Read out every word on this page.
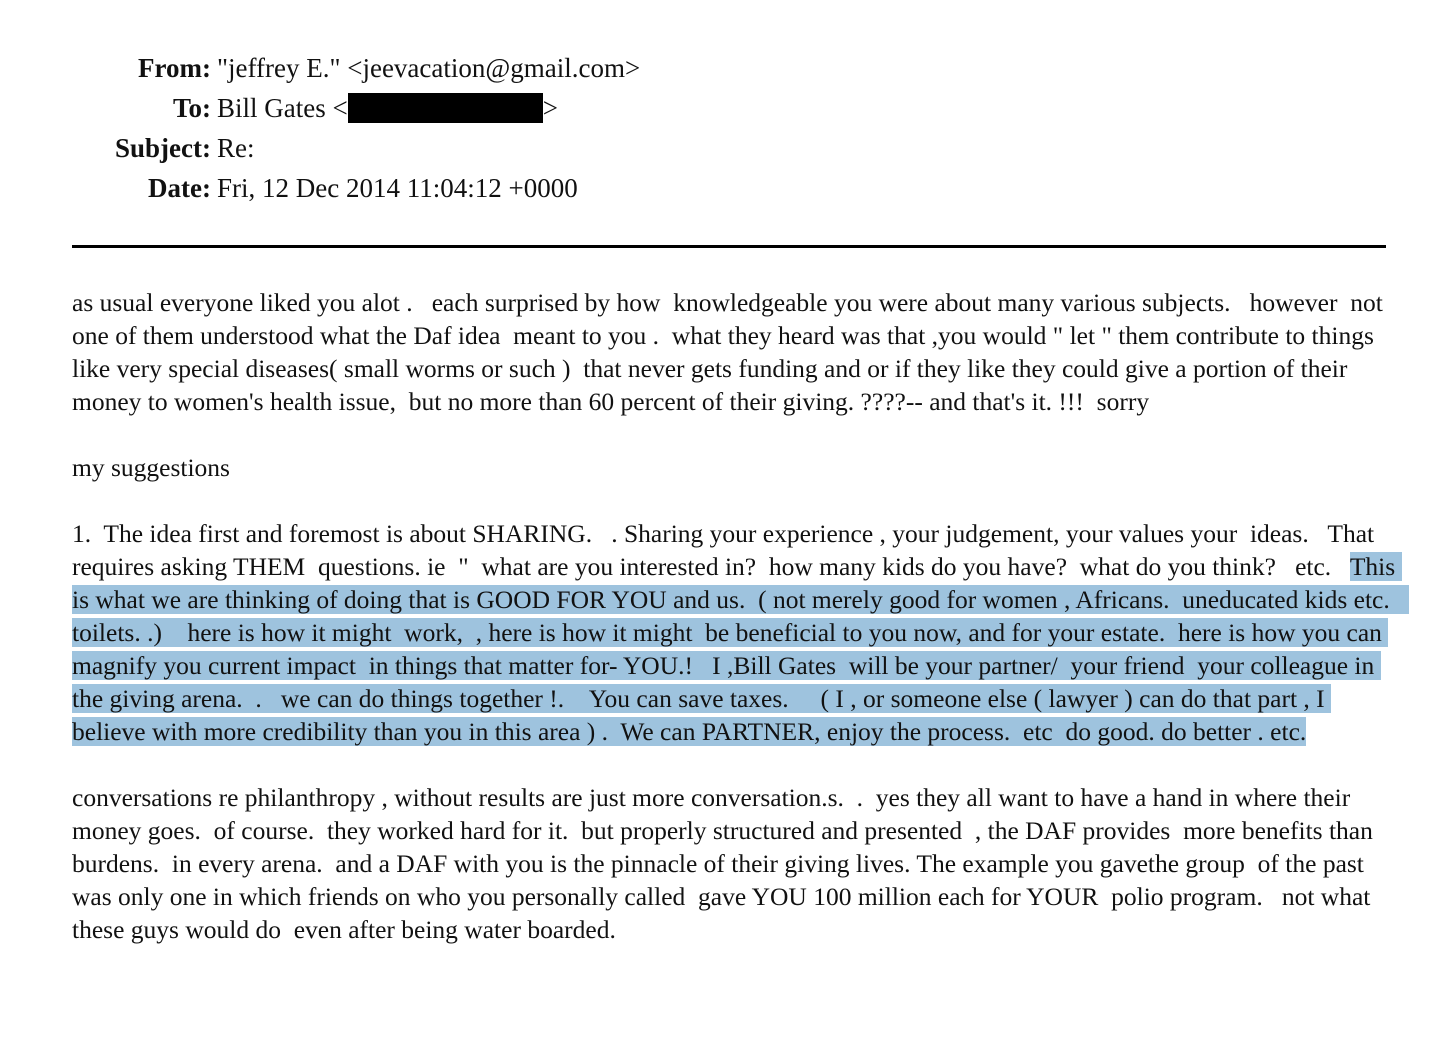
From: "jeffrey E." <jeevacation@gmail.com>
To: Bill Gates <	>
Subject: Re:
Date: Fri, 12 Dec 2014 11:04:12 +0000

as usual everyone liked you alot .   each surprised by how  knowledgeable you were about many various subjects.   however  not one of them understood what the Daf idea  meant to you .  what they heard was that ,you would " let " them contribute to things  like very special diseases( small worms or such )  that never gets funding and or if they like they could give a portion of their money to women's health issue,  but no more than 60 percent of their giving. ????-- and that's it. !!!  sorry

my suggestions

1.  The idea first and foremost is about SHARING.   . Sharing your experience , your judgement, your values your  ideas.   That requires asking THEM  questions. ie  "  what are you interested in?  how many kids do you have?  what do you think?   etc.   This is what we are thinking of doing that is GOOD FOR YOU and us.  ( not merely good for women , Africans.  uneducated kids etc.   toilets. .)    here is how it might  work,  , here is how it might  be beneficial to you now, and for your estate.  here is how you can magnify you current impact  in things that matter for- YOU.!   I ,Bill Gates  will be your partner/  your friend  your colleague in the giving arena.  .   we can do things together !.    You can save taxes.     ( I , or someone else ( lawyer ) can do that part , I believe with more credibility than you in this area ) .  We can PARTNER, enjoy the process.  etc  do good. do better . etc.

conversations re philanthropy , without results are just more conversation.s.  .  yes they all want to have a hand in where their money goes.  of course.  they worked hard for it.  but properly structured and presented  , the DAF provides  more benefits than burdens.  in every arena.  and a DAF with you is the pinnacle of their giving lives. The example you gavethe group  of the past was only one in which friends on who you personally called  gave YOU 100 million each for YOUR  polio program.   not what these guys would do  even after being water boarded.
